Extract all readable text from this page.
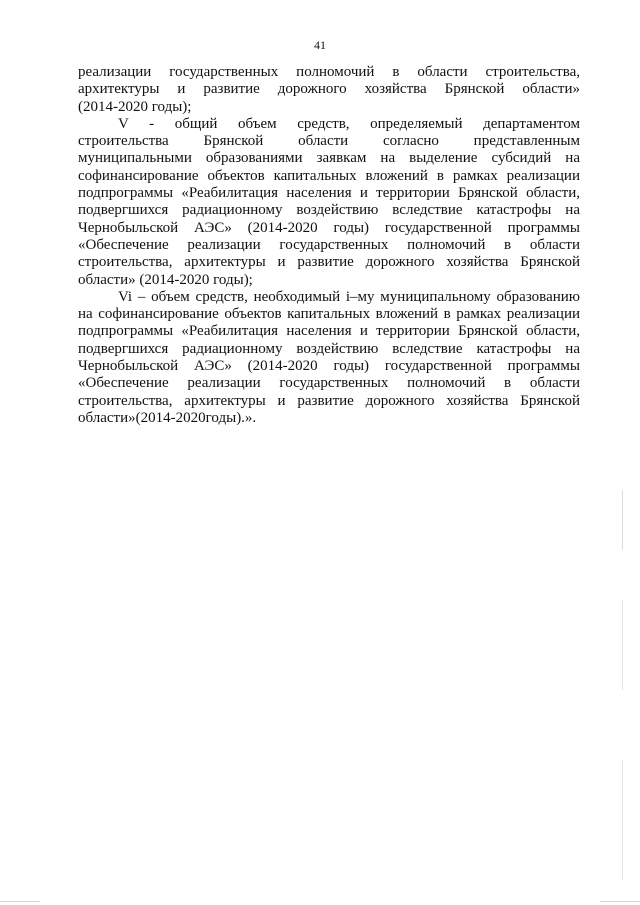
41
реализации государственных полномочий в области строительства,
архитектуры и развитие дорожного хозяйства Брянской области»
(2014-2020 годы);
V - общий объем средств, определяемый департаментом
строительства Брянской области согласно представленным
муниципальными образованиями заявкам на выделение субсидий на
софинансирование объектов капитальных вложений в рамках реализации
подпрограммы «Реабилитация населения и территории Брянской области,
подвергшихся радиационному воздействию вследствие катастрофы на
Чернобыльской АЭС» (2014-2020 годы) государственной программы
«Обеспечение реализации государственных полномочий в области
строительства, архитектуры и развитие дорожного хозяйства Брянской
области» (2014-2020 годы);
Vi – объем средств, необходимый i–му муниципальному образованию
на софинансирование объектов капитальных вложений в рамках реализации
подпрограммы «Реабилитация населения и территории Брянской области,
подвергшихся радиационному воздействию вследствие катастрофы на
Чернобыльской АЭС» (2014-2020 годы) государственной программы
«Обеспечение реализации государственных полномочий в области
строительства, архитектуры и развитие дорожного хозяйства Брянской
области»(2014-2020годы).».
